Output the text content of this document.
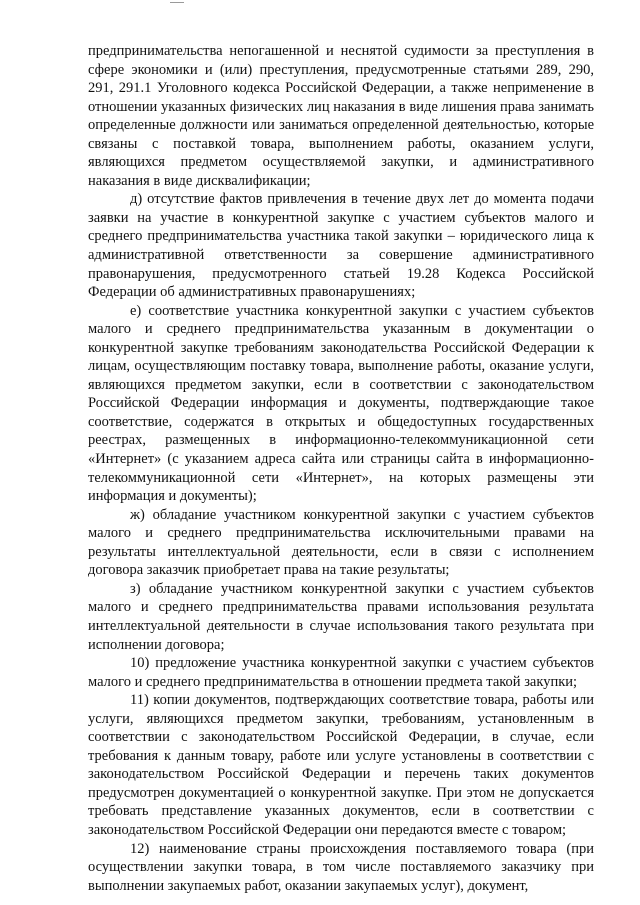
предпринимательства непогашенной и неснятой судимости за преступления в сфере экономики и (или) преступления, предусмотренные статьями 289, 290, 291, 291.1 Уголовного кодекса Российской Федерации, а также неприменение в отношении указанных физических лиц наказания в виде лишения права занимать определенные должности или заниматься определенной деятельностью, которые связаны с поставкой товара, выполнением работы, оказанием услуги, являющихся предметом осуществляемой закупки, и административного наказания в виде дисквалификации;

д) отсутствие фактов привлечения в течение двух лет до момента подачи заявки на участие в конкурентной закупке с участием субъектов малого и среднего предпринимательства участника такой закупки – юридического лица к административной ответственности за совершение административного правонарушения, предусмотренного статьей 19.28 Кодекса Российской Федерации об административных правонарушениях;

е) соответствие участника конкурентной закупки с участием субъектов малого и среднего предпринимательства указанным в документации о конкурентной закупке требованиям законодательства Российской Федерации к лицам, осуществляющим поставку товара, выполнение работы, оказание услуги, являющихся предметом закупки, если в соответствии с законодательством Российской Федерации информация и документы, подтверждающие такое соответствие, содержатся в открытых и общедоступных государственных реестрах, размещенных в информационно-телекоммуникационной сети «Интернет» (с указанием адреса сайта или страницы сайта в информационно-телекоммуникационной сети «Интернет», на которых размещены эти информация и документы);

ж) обладание участником конкурентной закупки с участием субъектов малого и среднего предпринимательства исключительными правами на результаты интеллектуальной деятельности, если в связи с исполнением договора заказчик приобретает права на такие результаты;

з) обладание участником конкурентной закупки с участием субъектов малого и среднего предпринимательства правами использования результата интеллектуальной деятельности в случае использования такого результата при исполнении договора;

10) предложение участника конкурентной закупки с участием субъектов малого и среднего предпринимательства в отношении предмета такой закупки;

11) копии документов, подтверждающих соответствие товара, работы или услуги, являющихся предметом закупки, требованиям, установленным в соответствии с законодательством Российской Федерации, в случае, если требования к данным товару, работе или услуге установлены в соответствии с законодательством Российской Федерации и перечень таких документов предусмотрен документацией о конкурентной закупке. При этом не допускается требовать представление указанных документов, если в соответствии с законодательством Российской Федерации они передаются вместе с товаром;

12) наименование страны происхождения поставляемого товара (при осуществлении закупки товара, в том числе поставляемого заказчику при выполнении закупаемых работ, оказании закупаемых услуг), документ,
